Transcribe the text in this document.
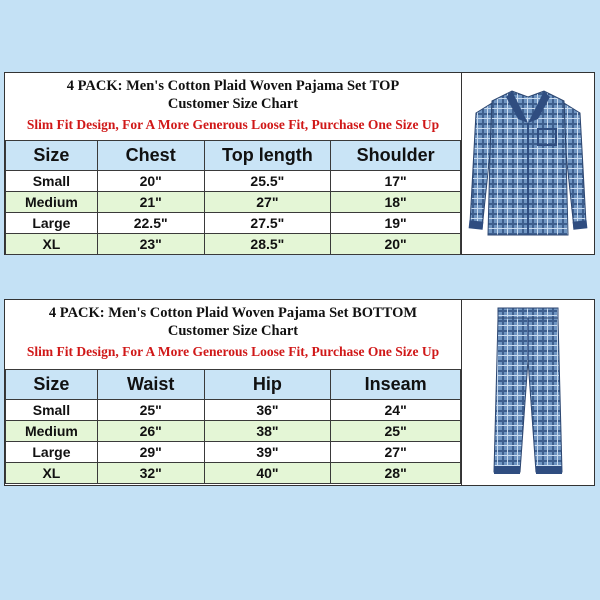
4 PACK: Men's Cotton Plaid Woven Pajama Set TOP
Customer Size Chart
Slim Fit Design, For A More Generous Loose Fit, Purchase One Size Up
Size	Chest	Top length	Shoulder
Small	20"	25.5"	17"
Medium	21"	27"	18"
Large	22.5"	27.5"	19"
XL	23"	28.5"	20"
4 PACK: Men's Cotton Plaid Woven Pajama Set BOTTOM
Customer Size Chart
Slim Fit Design, For A More Generous Loose Fit, Purchase One Size Up
Size	Waist	Hip	Inseam
Small	25"	36"	24"
Medium	26"	38"	25"
Large	29"	39"	27"
XL	32"	40"	28"
